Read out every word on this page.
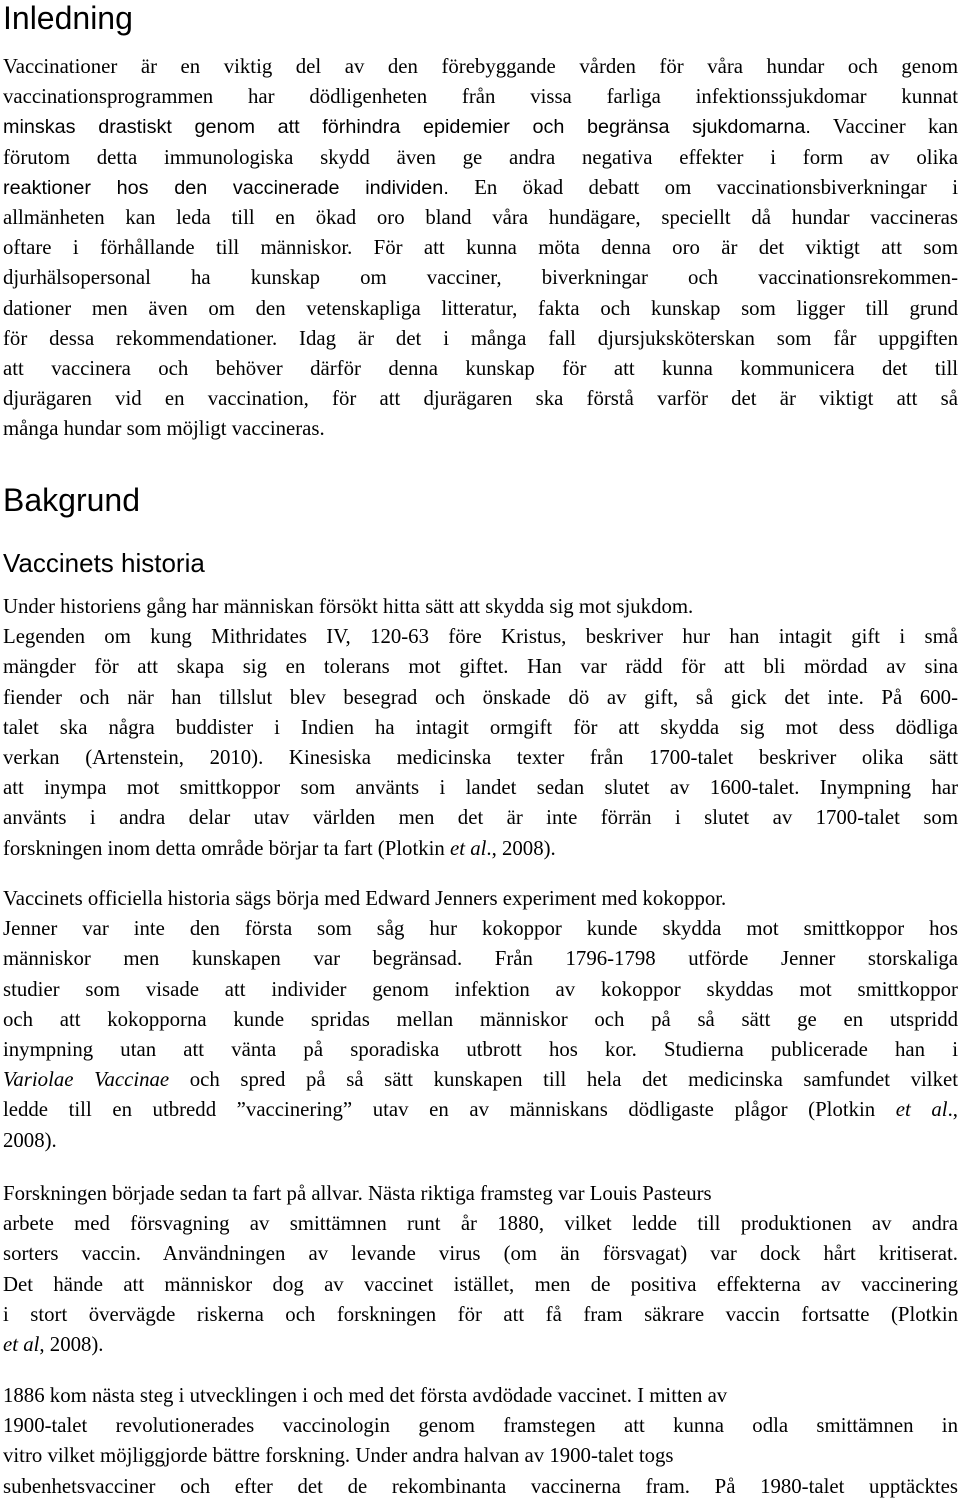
Inledning
Vaccinationer är en viktig del av den förebyggande vården för våra hundar och genom
vaccinationsprogrammen har dödligenheten från vissa farliga infektionssjukdomar kunnat
minskas drastiskt genom att förhindra epidemier och begränsa sjukdomarna. Vacciner kan
förutom detta immunologiska skydd även ge andra negativa effekter i form av olika
reaktioner hos den vaccinerade individen. En ökad debatt om vaccinationsbiverkningar i
allmänheten kan leda till en ökad oro bland våra hundägare, speciellt då hundar vaccineras
oftare i förhållande till människor. För att kunna möta denna oro är det viktigt att som
djurhälsopersonal ha kunskap om vacciner, biverkningar och vaccinationsrekommen-
dationer men även om den vetenskapliga litteratur, fakta och kunskap som ligger till grund
för dessa rekommendationer. Idag är det i många fall djursjuksköterskan som får uppgiften
att vaccinera och behöver därför denna kunskap för att kunna kommunicera det till
djurägaren vid en vaccination, för att djurägaren ska förstå varför det är viktigt att så
många hundar som möjligt vaccineras.
Bakgrund
Vaccinets historia
Under historiens gång har människan försökt hitta sätt att skydda sig mot sjukdom.
Legenden om kung Mithridates IV, 120-63 före Kristus, beskriver hur han intagit gift i små
mängder för att skapa sig en tolerans mot giftet. Han var rädd för att bli mördad av sina
fiender och när han tillslut blev besegrad och önskade dö av gift, så gick det inte. På 600-
talet ska några buddister i Indien ha intagit ormgift för att skydda sig mot dess dödliga
verkan (Artenstein, 2010). Kinesiska medicinska texter från 1700-talet beskriver olika sätt
att inympa mot smittkoppor som använts i landet sedan slutet av 1600-talet. Inympning har
använts i andra delar utav världen men det är inte förrän i slutet av 1700-talet som
forskningen inom detta område börjar ta fart (Plotkin et al., 2008).
Vaccinets officiella historia sägs börja med Edward Jenners experiment med kokoppor.
Jenner var inte den första som såg hur kokoppor kunde skydda mot smittkoppor hos
människor men kunskapen var begränsad. Från 1796-1798 utförde Jenner storskaliga
studier som visade att individer genom infektion av kokoppor skyddas mot smittkoppor
och att kokopporna kunde spridas mellan människor och på så sätt ge en utspridd
inympning utan att vänta på sporadiska utbrott hos kor. Studierna publicerade han i
Variolae Vaccinae och spred på så sätt kunskapen till hela det medicinska samfundet vilket
ledde till en utbredd ”vaccinering” utav en av människans dödligaste plågor (Plotkin et al.,
2008).
Forskningen började sedan ta fart på allvar. Nästa riktiga framsteg var Louis Pasteurs
arbete med försvagning av smittämnen runt år 1880, vilket ledde till produktionen av andra
sorters vaccin. Användningen av levande virus (om än försvagat) var dock hårt kritiserat.
Det hände att människor dog av vaccinet istället, men de positiva effekterna av vaccinering
i stort övervägde riskerna och forskningen för att få fram säkrare vaccin fortsatte (Plotkin
et al, 2008).
1886 kom nästa steg i utvecklingen i och med det första avdödade vaccinet. I mitten av
1900-talet revolutionerades vaccinologin genom framstegen att kunna odla smittämnen in
vitro vilket möjliggjorde bättre forskning. Under andra halvan av 1900-talet togs
subenhetsvacciner och efter det de rekombinanta vaccinerna fram. På 1980-talet upptäcktes
